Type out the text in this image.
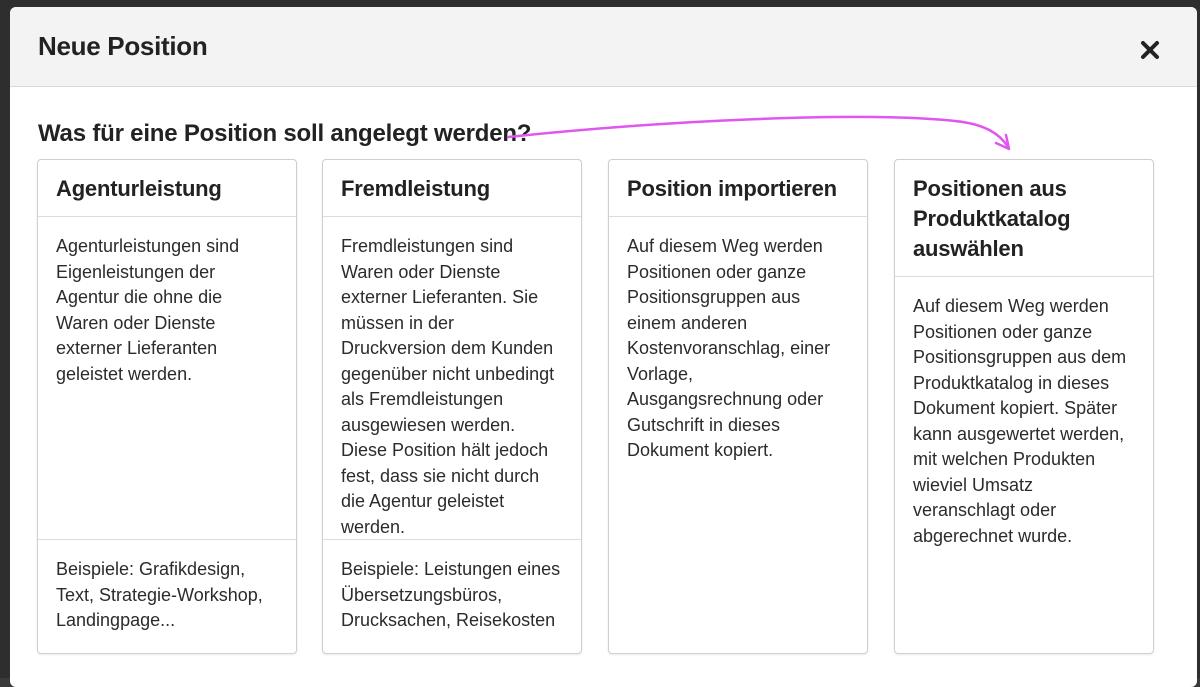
Neue Position
Was für eine Position soll angelegt werden?
Agenturleistung
Agenturleistungen sind Eigenleistungen der Agentur die ohne die Waren oder Dienste externer Lieferanten geleistet werden.
Beispiele: Grafikdesign, Text, Strategie-Workshop, Landingpage...
Fremdleistung
Fremdleistungen sind Waren oder Dienste externer Lieferanten. Sie müssen in der Druckversion dem Kunden gegenüber nicht unbedingt als Fremdleistungen ausgewiesen werden. Diese Position hält jedoch fest, dass sie nicht durch die Agentur geleistet werden.
Beispiele: Leistungen eines Übersetzungsbüros, Drucksachen, Reisekosten
Position importieren
Auf diesem Weg werden Positionen oder ganze Positionsgruppen aus einem anderen Kostenvoranschlag, einer Vorlage, Ausgangsrechnung oder Gutschrift in dieses Dokument kopiert.
Positionen aus Produktkatalog auswählen
Auf diesem Weg werden Positionen oder ganze Positionsgruppen aus dem Produktkatalog in dieses Dokument kopiert. Später kann ausgewertet werden, mit welchen Produkten wieviel Umsatz veranschlagt oder abgerechnet wurde.
